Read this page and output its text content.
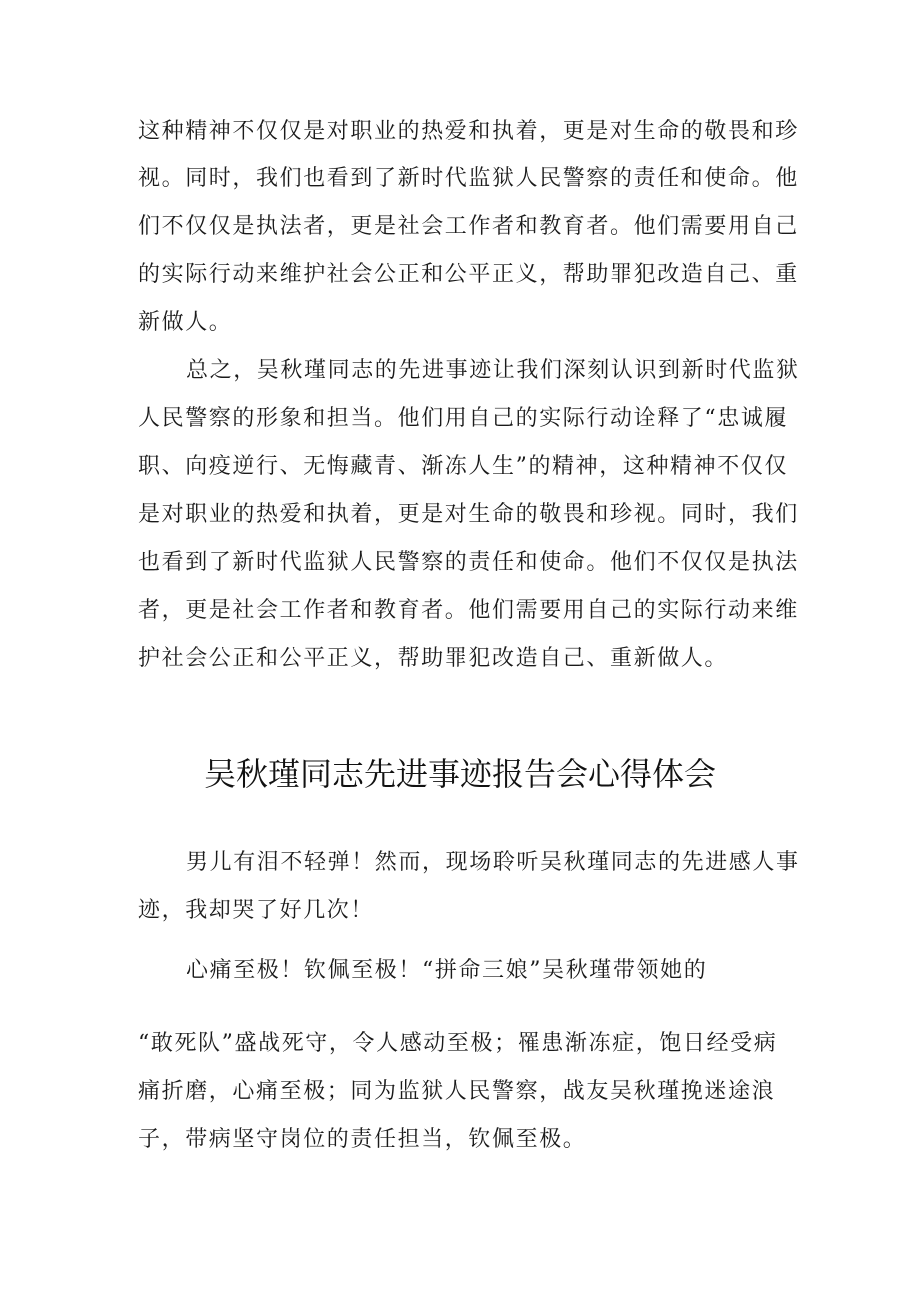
这种精神不仅仅是对职业的热爱和执着，更是对生命的敬畏和珍
视。同时，我们也看到了新时代监狱人民警察的责任和使命。他
们不仅仅是执法者，更是社会工作者和教育者。他们需要用自己
的实际行动来维护社会公正和公平正义，帮助罪犯改造自己、重
新做人。
总之，吴秋瑾同志的先进事迹让我们深刻认识到新时代监狱
人民警察的形象和担当。他们用自己的实际行动诠释了“忠诚履
职、向疫逆行、无悔藏青、渐冻人生”的精神，这种精神不仅仅
是对职业的热爱和执着，更是对生命的敬畏和珍视。同时，我们
也看到了新时代监狱人民警察的责任和使命。他们不仅仅是执法
者，更是社会工作者和教育者。他们需要用自己的实际行动来维
护社会公正和公平正义，帮助罪犯改造自己、重新做人。
吴秋瑾同志先进事迹报告会心得体会
男儿有泪不轻弹！然而，现场聆听吴秋瑾同志的先进感人事
迹，我却哭了好几次！
心痛至极！钦佩至极！“拼命三娘”吴秋瑾带领她的
“敢死队”盛战死守，令人感动至极；罹患渐冻症，饱日经受病
痛折磨，心痛至极；同为监狱人民警察，战友吴秋瑾挽迷途浪
子，带病坚守岗位的责任担当，钦佩至极。
